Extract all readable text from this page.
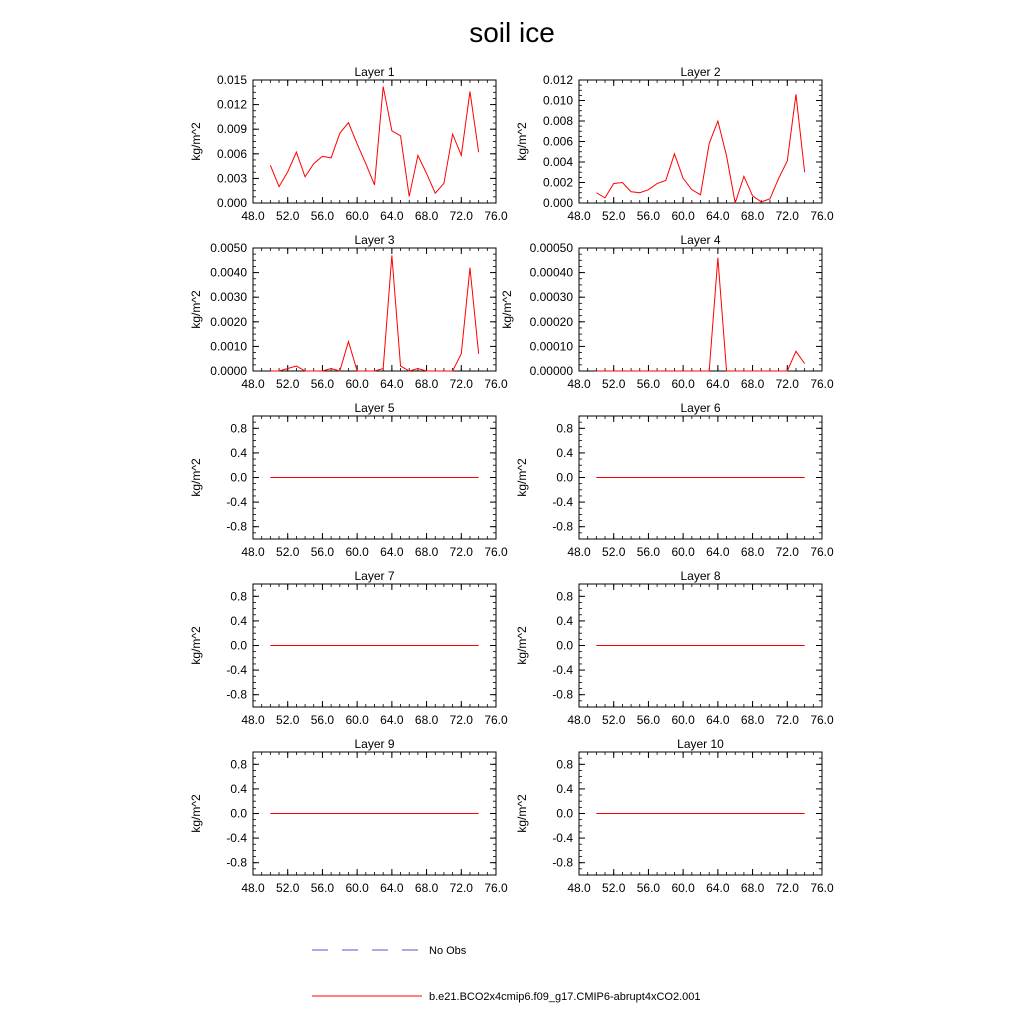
soil ice
Layer 1
kg/m^2
48.0 52.0 56.0 60.0 64.0 68.0 72.0 76.0
0.000
0.003
0.006
0.009
0.012
0.015
Layer 2
kg/m^2
48.0 52.0 56.0 60.0 64.0 68.0 72.0 76.0
0.000
0.002
0.004
0.006
0.008
0.010
0.012
Layer 3
kg/m^2
48.0 52.0 56.0 60.0 64.0 68.0 72.0 76.0
0.0000
0.0010
0.0020
0.0030
0.0040
0.0050
Layer 4
kg/m^2
48.0 52.0 56.0 60.0 64.0 68.0 72.0 76.0
0.00000
0.00010
0.00020
0.00030
0.00040
0.00050
Layer 5
kg/m^2
48.0 52.0 56.0 60.0 64.0 68.0 72.0 76.0
-0.8
-0.4
0.0
0.4
0.8
Layer 6
kg/m^2
48.0 52.0 56.0 60.0 64.0 68.0 72.0 76.0
-0.8
-0.4
0.0
0.4
0.8
Layer 7
kg/m^2
48.0 52.0 56.0 60.0 64.0 68.0 72.0 76.0
-0.8
-0.4
0.0
0.4
0.8
Layer 8
kg/m^2
48.0 52.0 56.0 60.0 64.0 68.0 72.0 76.0
-0.8
-0.4
0.0
0.4
0.8
Layer 9
kg/m^2
48.0 52.0 56.0 60.0 64.0 68.0 72.0 76.0
-0.8
-0.4
0.0
0.4
0.8
Layer 10
kg/m^2
48.0 52.0 56.0 60.0 64.0 68.0 72.0 76.0
-0.8
-0.4
0.0
0.4
0.8
No Obs
b.e21.BCO2x4cmip6.f09_g17.CMIP6-abrupt4xCO2.001
